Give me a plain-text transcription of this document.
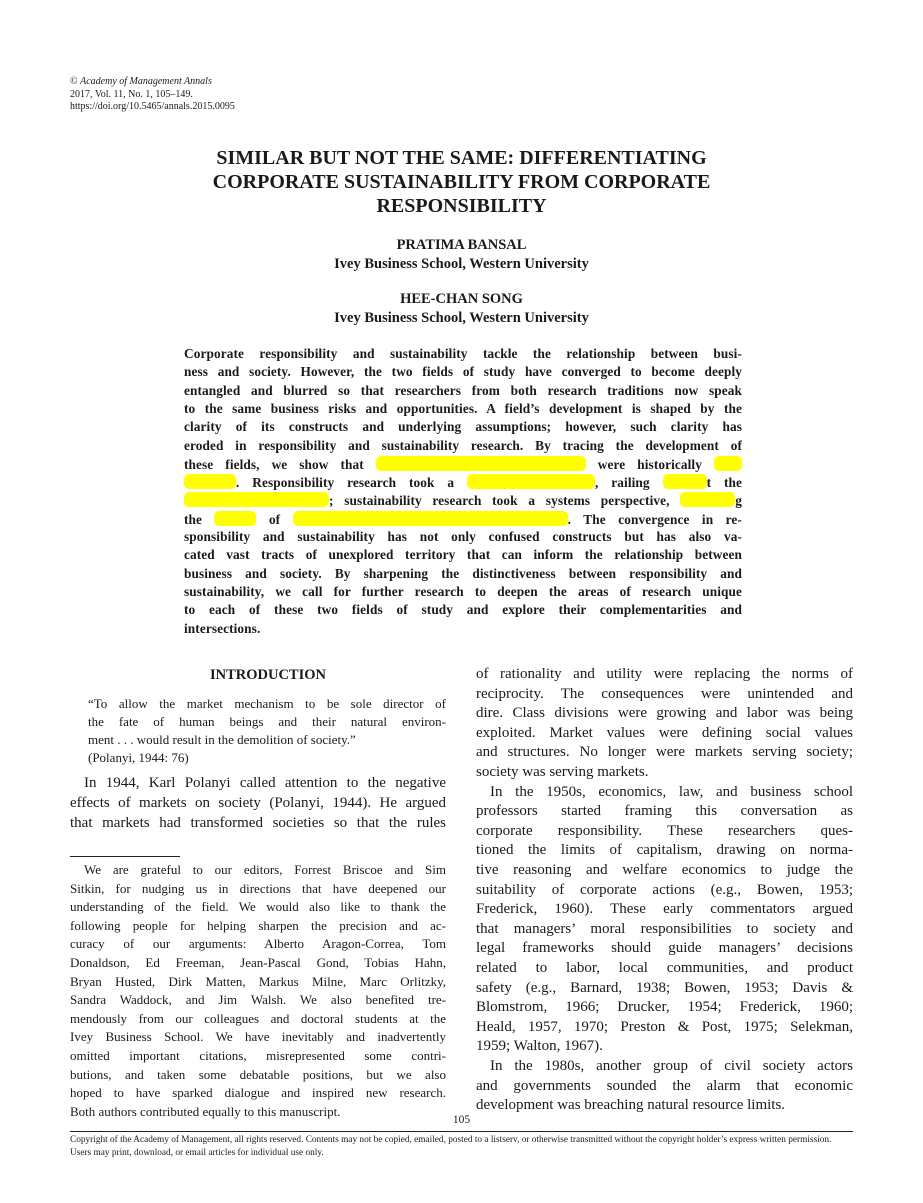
© Academy of Management Annals
2017, Vol. 11, No. 1, 105–149.
https://doi.org/10.5465/annals.2015.0095
SIMILAR BUT NOT THE SAME: DIFFERENTIATING
CORPORATE SUSTAINABILITY FROM CORPORATE
RESPONSIBILITY
PRATIMA BANSAL
Ivey Business School, Western University
HEE-CHAN SONG
Ivey Business School, Western University
Corporate responsibility and sustainability tackle the relationship between busi-
ness and society. However, the two fields of study have converged to become deeply
entangled and blurred so that researchers from both research traditions now speak
to the same business risks and opportunities. A field’s development is shaped by the
clarity of its constructs and underlying assumptions; however, such clarity has
eroded in responsibility and sustainability research. By tracing the development of
these fields, we show that	were historically
. Responsibility research took a	, railing	t the
; sustainability research took a systems perspective,	g
the	of	. The convergence in re-
sponsibility and sustainability has not only confused constructs but has also va-
cated vast tracts of unexplored territory that can inform the relationship between
business and society. By sharpening the distinctiveness between responsibility and
sustainability, we call for further research to deepen the areas of research unique
to each of these two fields of study and explore their complementarities and
intersections.
INTRODUCTION
“To allow the market mechanism to be sole director of
the fate of human beings and their natural environ-
ment . . . would result in the demolition of society.”
(Polanyi, 1944: 76)
In 1944, Karl Polanyi called attention to the negative
effects of markets on society (Polanyi, 1944). He argued
that markets had transformed societies so that the rules
We are grateful to our editors, Forrest Briscoe and Sim
Sitkin, for nudging us in directions that have deepened our
understanding of the field. We would also like to thank the
following people for helping sharpen the precision and ac-
curacy of our arguments: Alberto Aragon-Correa, Tom
Donaldson, Ed Freeman, Jean-Pascal Gond, Tobias Hahn,
Bryan Husted, Dirk Matten, Markus Milne, Marc Orlitzky,
Sandra Waddock, and Jim Walsh. We also benefited tre-
mendously from our colleagues and doctoral students at the
Ivey Business School. We have inevitably and inadvertently
omitted important citations, misrepresented some contri-
butions, and taken some debatable positions, but we also
hoped to have sparked dialogue and inspired new research.
Both authors contributed equally to this manuscript.
of rationality and utility were replacing the norms of
reciprocity. The consequences were unintended and
dire. Class divisions were growing and labor was being
exploited. Market values were defining social values
and structures. No longer were markets serving society;
society was serving markets.
In the 1950s, economics, law, and business school
professors started framing this conversation as
corporate responsibility. These researchers ques-
tioned the limits of capitalism, drawing on norma-
tive reasoning and welfare economics to judge the
suitability of corporate actions (e.g., Bowen, 1953;
Frederick, 1960). These early commentators argued
that managers’ moral responsibilities to society and
legal frameworks should guide managers’ decisions
related to labor, local communities, and product
safety (e.g., Barnard, 1938; Bowen, 1953; Davis &
Blomstrom, 1966; Drucker, 1954; Frederick, 1960;
Heald, 1957, 1970; Preston & Post, 1975; Selekman,
1959; Walton, 1967).
In the 1980s, another group of civil society actors
and governments sounded the alarm that economic
development was breaching natural resource limits.
105
Copyright of the Academy of Management, all rights reserved. Contents may not be copied, emailed, posted to a listserv, or otherwise transmitted without the copyright holder’s express written permission. Users may print, download, or email articles for individual use only.
